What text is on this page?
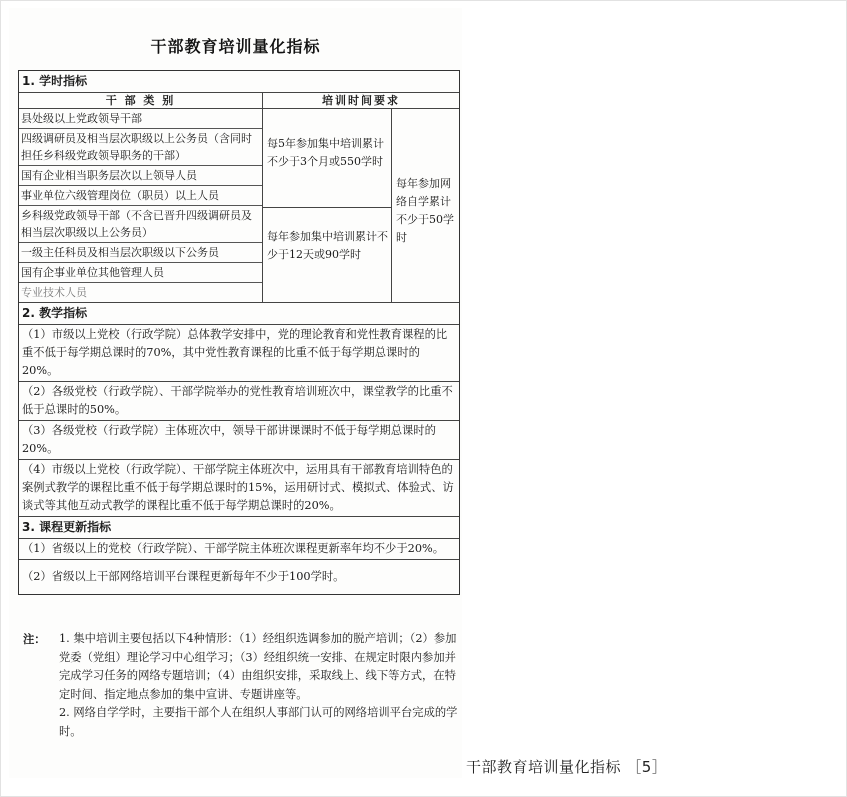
干部教育培训量化指标
1. 学时指标
干 部 类 别
县处级以上党政领导干部
四级调研员及相当层次职级以上公务员（含同时担任乡科级党政领导职务的干部）
国有企业相当职务层次以上领导人员
事业单位六级管理岗位（职员）以上人员
乡科级党政领导干部（不含已晋升四级调研员及相当层次职级以上公务员）
一级主任科员及相当层次职级以下公务员
国有企事业单位其他管理人员
专业技术人员
培训时间要求
每5年参加集中培训累计不少于3个月或550学时
每年参加集中培训累计不少于12天或90学时
每年参加网络自学累计不少于50学时
2. 教学指标
（1）市级以上党校（行政学院）总体教学安排中，党的理论教育和党性教育课程的比重不低于每学期总课时的70%，其中党性教育课程的比重不低于每学期总课时的20%。
（2）各级党校（行政学院）、干部学院举办的党性教育培训班次中，课堂教学的比重不低于总课时的50%。
（3）各级党校（行政学院）主体班次中，领导干部讲课课时不低于每学期总课时的20%。
（4）市级以上党校（行政学院）、干部学院主体班次中，运用具有干部教育培训特色的案例式教学的课程比重不低于每学期总课时的15%，运用研讨式、模拟式、体验式、访谈式等其他互动式教学的课程比重不低于每学期总课时的20%。
3. 课程更新指标
（1）省级以上的党校（行政学院）、干部学院主体班次课程更新率年均不少于20%。
（2）省级以上干部网络培训平台课程更新每年不少于100学时。
注：	1. 集中培训主要包括以下4种情形：（1）经组织选调参加的脱产培训；（2）参加党委（党组）理论学习中心组学习；（3）经组织统一安排、在规定时限内参加并完成学习任务的网络专题培训；（4）由组织安排，采取线上、线下等方式，在特定时间、指定地点参加的集中宣讲、专题讲座等。
2. 网络自学学时，主要指干部个人在组织人事部门认可的网络培训平台完成的学时。
干部教育培训量化指标 ［5］
